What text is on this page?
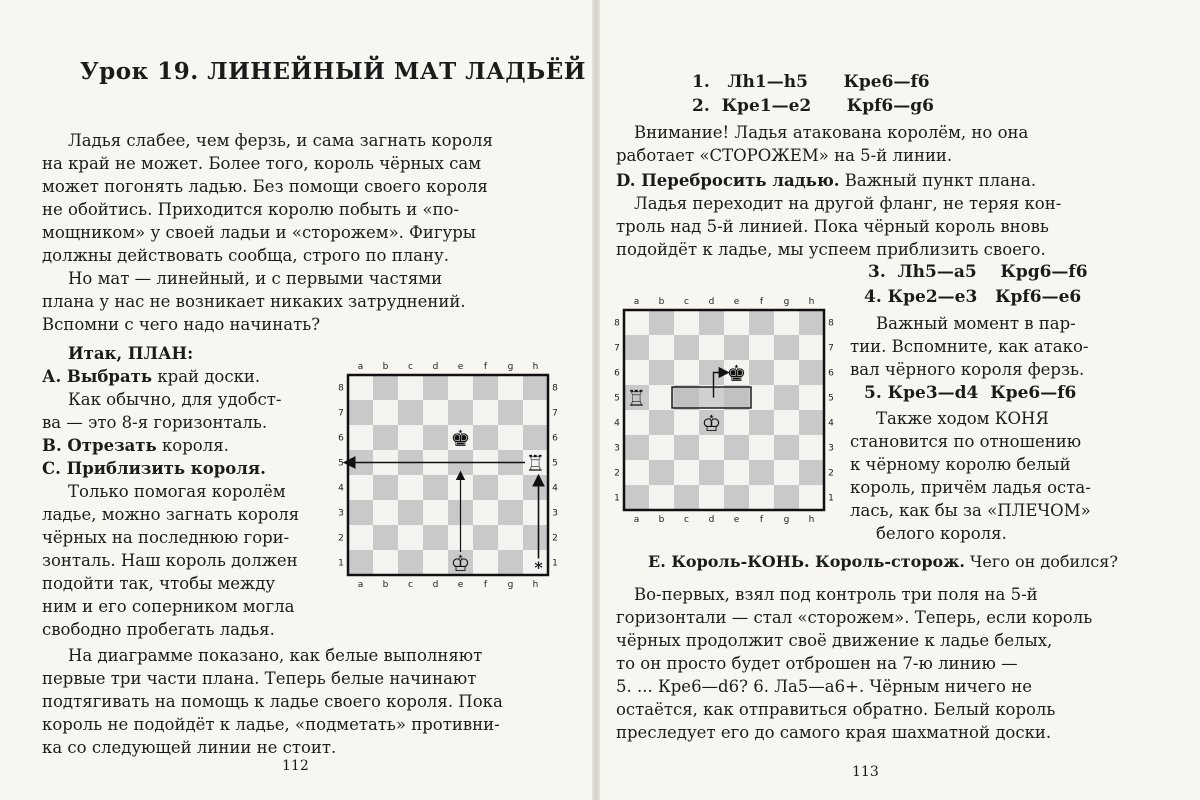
Урок 19. ЛИНЕЙНЫЙ МАТ ЛАДЬЁЙ

Ладья слабее, чем ферзь, и сама загнать короля

на край не может. Более того, король чёрных сам

может погонять ладью. Без помощи своего короля

не обойтись. Приходится королю побыть и «по-

мощником» у своей ладьи и «сторожем». Фигуры

должны действовать сообща, строго по плану.

Но мат — линейный, и с первыми частями

плана у нас не возникает никаких затруднений.

Вспомни с чего надо начинать?

Итак, ПЛАН:

А. Выбрать край доски.

Как обычно, для удобст-

ва — это 8-я горизонталь.

В. Отрезать короля.

С. Приблизить короля.

Только помогая королём

ладье, можно загнать короля

чёрных на последнюю гори-

зонталь. Наш король должен

подойти так, чтобы между

ним и его соперником могла

свободно пробегать ладья.

На диаграмме показано, как белые выполняют

первые три части плана. Теперь белые начинают

подтягивать на помощь к ладье своего короля. Пока

король не подойдёт к ладье, «подметать» противни-

ка со следующей линии не стоит.

112

a b c d e f g h
a b c d e f g h
8
7
6
5
4
3
2
1
8
7
6
5
4
3
2
1
♚
♖
♔	*

1. Лh1—h5 Крe6—f6

2. Крe1—e2 Крf6—g6

Внимание! Ладья атакована королём, но она

работает «СТОРОЖЕМ» на 5-й линии.

D. Перебросить ладью. Важный пункт плана.

Ладья переходит на другой фланг, не теряя кон-

троль над 5-й линией. Пока чёрный король вновь

подойдёт к ладье, мы успеем приблизить своего.

3. Лh5—a5 Крg6—f6

4. Крe2—e3 Крf6—e6

Важный момент в пар-

тии. Вспомните, как атако-

вал чёрного короля ферзь.

5. Крe3—d4 Крe6—f6

Также ходом КОНЯ

становится по отношению

к чёрному королю белый

король, причём ладья оста-

лась, как бы за «ПЛЕЧОМ»

белого короля.

Е. Король-КОНЬ. Король-сторож. Чего он добился?

Во-первых, взял под контроль три поля на 5-й

горизонтали — стал «сторожем». Теперь, если король

чёрных продолжит своё движение к ладье белых,

то он просто будет отброшен на 7-ю линию —

5. ... Крe6—d6? 6. Лa5—a6+. Чёрным ничего не

остаётся, как отправиться обратно. Белый король

преследует его до самого края шахматной доски.

113

a b c d e f g h
a b c d e f g h
8
7
6
5
4
3
2
1
8
7
6
5
4
3
2
1
♚
♖
♔
